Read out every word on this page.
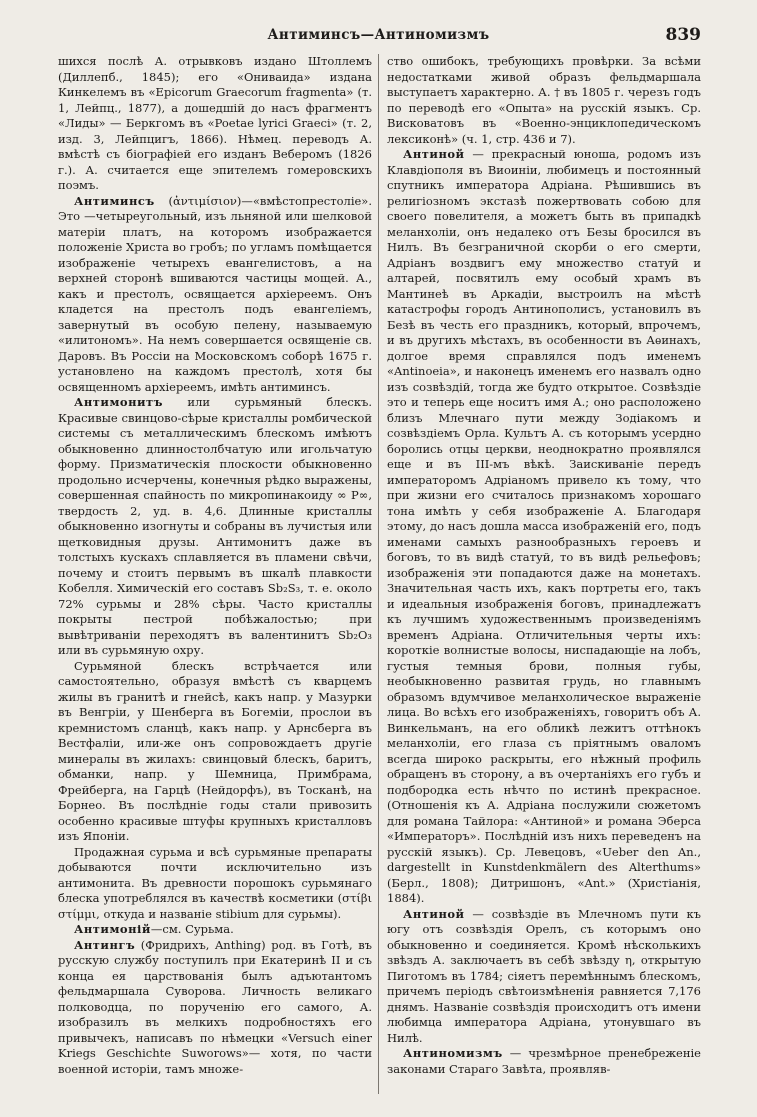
Антиминсъ—Антиномизмъ	839

шихся послѣ А. отрывковъ издано Штоллемъ (Диллепб., 1845); его «Ониваида» издана Кинкелемъ въ «Epicorum Graecorum fragmenta» (т. 1, Лейпц., 1877), a дошедшій до насъ фрагментъ «Лиды» — Беркгомъ въ «Poetae lyrici Graeci» (т. 2, изд. 3, Лейпцигъ, 1866). Нѣмец. переводъ А. вмѣстѣ съ біографіей его изданъ Веберомъ (1826 г.). А. считается еще эпителемъ гомеровскихъ поэмъ.

Антиминсъ (ἀντιμίσιον)—«вмѣстопрестоліе». Это —четыреугольный, изъ льняной или шелковой матеріи платъ, на которомъ изображается положеніе Христа во гробъ; по угламъ помѣщается изображеніе четырехъ евангелистовъ, а на верхней сторонѣ вшиваются частицы мощей. А., какъ и престолъ, освящается архіереемъ. Онъ кладется на престолъ подъ евангеліемъ, завернутый въ особую пелену, называемую «илитономъ». На немъ совершается освященіе св. Даровъ. Въ Россіи на Московскомъ соборѣ 1675 г. установлено на каждомъ престолѣ, хотя бы освященномъ архіереемъ, имѣть антиминсъ.

Антимонитъ или сурьмяный блескъ. Красивые свинцово-сѣрые кристаллы ромбической системы съ металлическимъ блескомъ имѣютъ обыкновенно длинностолбчатую или игольчатую форму. Призматическія плоскости обыкновенно продольно исчерчены, конечныя рѣдко выражены, совершенная спайность по микропинакоиду ∞ P∞, твердость 2, уд. в. 4,6. Длинные кристаллы обыкновенно изогнуты и собраны въ лучистыя или щетковидныя друзы. Антимонитъ даже въ толстыхъ кускахъ сплавляется въ пламени свѣчи, почему и стоитъ первымъ въ шкалѣ плавкости Кобелля. Химическій его составъ Sb₂S₃, т. е. около 72% сурьмы и 28% сѣры. Часто кристаллы покрыты пестрой побѣжалостью; при вывѣтриваніи переходятъ въ валентинитъ Sb₂O₃ или въ сурьмяную охру.

Сурьмяной блескъ встрѣчается или самостоятельно, образуя вмѣстѣ съ кварцемъ жилы въ гранитѣ и гнейсѣ, какъ напр. у Мазурки въ Венгріи, у Шенберга въ Богеміи, прослои въ кремнистомъ сланцѣ, какъ напр. у Арнсберга въ Вестфаліи, или-же онъ сопровождаетъ другіе минералы въ жилахъ: свинцовый блескъ, баритъ, обманки, напр. у Шемница, Примбрама, Фрейберга, на Гарцѣ (Нейдорфъ), въ Тосканѣ, на Борнео. Въ послѣдніе годы стали привозить особенно красивые штуфы крупныхъ кристалловъ изъ Японіи.

Продажная сурьма и всѣ сурьмяные препараты добываются почти исключительно изъ антимонита. Въ древности порошокъ сурьмянаго блеска употреблялся въ качествѣ косметики (στίβι στίμμι, откуда и названіе stibium для сурьмы).

Антимоній—см. Сурьма.

Антингъ (Фридрихъ, Anthing) род. въ Готѣ, въ русскую службу поступилъ при Екатеринѣ II и съ конца ея царствованія былъ адъютантомъ фельдмаршала Суворова. Личность великаго полководца, по порученію его самого, А. изобразилъ въ мелкихъ подробностяхъ его привычекъ, написавъ по нѣмецки «Versuch einer Kriegs Geschichte Suworows»— хотя, по части военной исторіи, тамъ множе-

ство ошибокъ, требующихъ провѣрки. За всѣми недостатками живой образъ фельдмаршала выступаетъ характерно. А. † въ 1805 г. черезъ годъ по переводѣ его «Опыта» на русскій языкъ. Ср. Висковатовъ въ «Военно-энциклопедическомъ лексиконѣ» (ч. 1, стр. 436 и 7).

Антиной — прекрасный юноша, родомъ изъ Клавдіополя въ Виоиніи, любимецъ и постоянный спутникъ императора Адріана. Рѣшившись въ религіозномъ экстазѣ пожертвовать собою для своего повелителя, а можетъ быть въ припадкѣ меланхоліи, онъ недалеко отъ Безы бросился въ Нилъ. Въ безграничной скорби о его смерти, Адріанъ воздвигъ ему множество статуй и алтарей, посвятилъ ему особый храмъ въ Мантинеѣ въ Аркадіи, выстроилъ на мѣстѣ катастрофы городъ Антинополисъ, установилъ въ Безѣ въ честь его праздникъ, который, впрочемъ, и въ другихъ мѣстахъ, въ особенности въ Аѳинахъ, долгое время справлялся подъ именемъ «Antinoeia», и наконецъ именемъ его назвалъ одно изъ созвѣздій, тогда же будто открытое. Созвѣздіе это и теперь еще носитъ имя А.; оно расположено близъ Млечнаго пути между Зодіакомъ и созвѣздіемъ Орла. Культъ А. съ которымъ усердно боролись отцы церкви, неоднократно проявлялся еще и въ III-мъ вѣкѣ. Заискиваніе передъ императоромъ Адріаномъ привело къ тому, что при жизни его считалось признакомъ хорошаго тона имѣть у себя изображеніе А. Благодаря этому, до насъ дошла масса изображеній его, подъ именами самыхъ разнообразныхъ героевъ и боговъ, то въ видѣ статуй, то въ видѣ рельефовъ; изображенія эти попадаются даже на монетахъ. Значительная часть ихъ, какъ портреты его, такъ и идеальныя изображенія боговъ, принадлежатъ къ лучшимъ художественнымъ произведеніямъ временъ Адріана. Отличительныя черты ихъ: короткіе волнистые волосы, ниспадающіе на лобъ, густыя темныя брови, полныя губы, необыкновенно развитая грудь, но главнымъ образомъ вдумчивое меланхолическое выраженіе лица. Во всѣхъ его изображеніяхъ, говоритъ объ А. Винкельманъ, на его обликѣ лежитъ оттѣнокъ меланхоліи, его глаза съ пріятнымъ оваломъ всегда широко раскрыты, его нѣжный профиль обращенъ въ сторону, а въ очертаніяхъ его губъ и подбородка есть нѣчто по истинѣ прекрасное. (Отношенія къ А. Адріана послужили сюжетомъ для романа Тайлора: «Антиной» и романа Эберса «Императоръ». Послѣдній изъ нихъ переведенъ на русскій языкъ). Ср. Левецовъ, «Ueber den An., dargestellt in Kunstdenkmälern des Alterthums» (Берл., 1808); Дитришонъ, «Ant.» (Христіанія, 1884).

Антиной — созвѣздіе въ Млечномъ пути къ югу отъ созвѣздія Орелъ, съ которымъ оно обыкновенно и соединяется. Кромѣ нѣсколькихъ звѣздъ А. заключаетъ въ себѣ звѣзду η, открытую Пиготомъ въ 1784; сіяетъ перемѣннымъ блескомъ, причемъ періодъ свѣтоизмѣненія равняется 7,176 днямъ. Названіе созвѣздія происходитъ отъ имени любимца императора Адріана, утонувшаго въ Нилѣ.

Антиномизмъ — чрезмѣрное пренебреженіе законами Стараго Завѣта, проявляв-
